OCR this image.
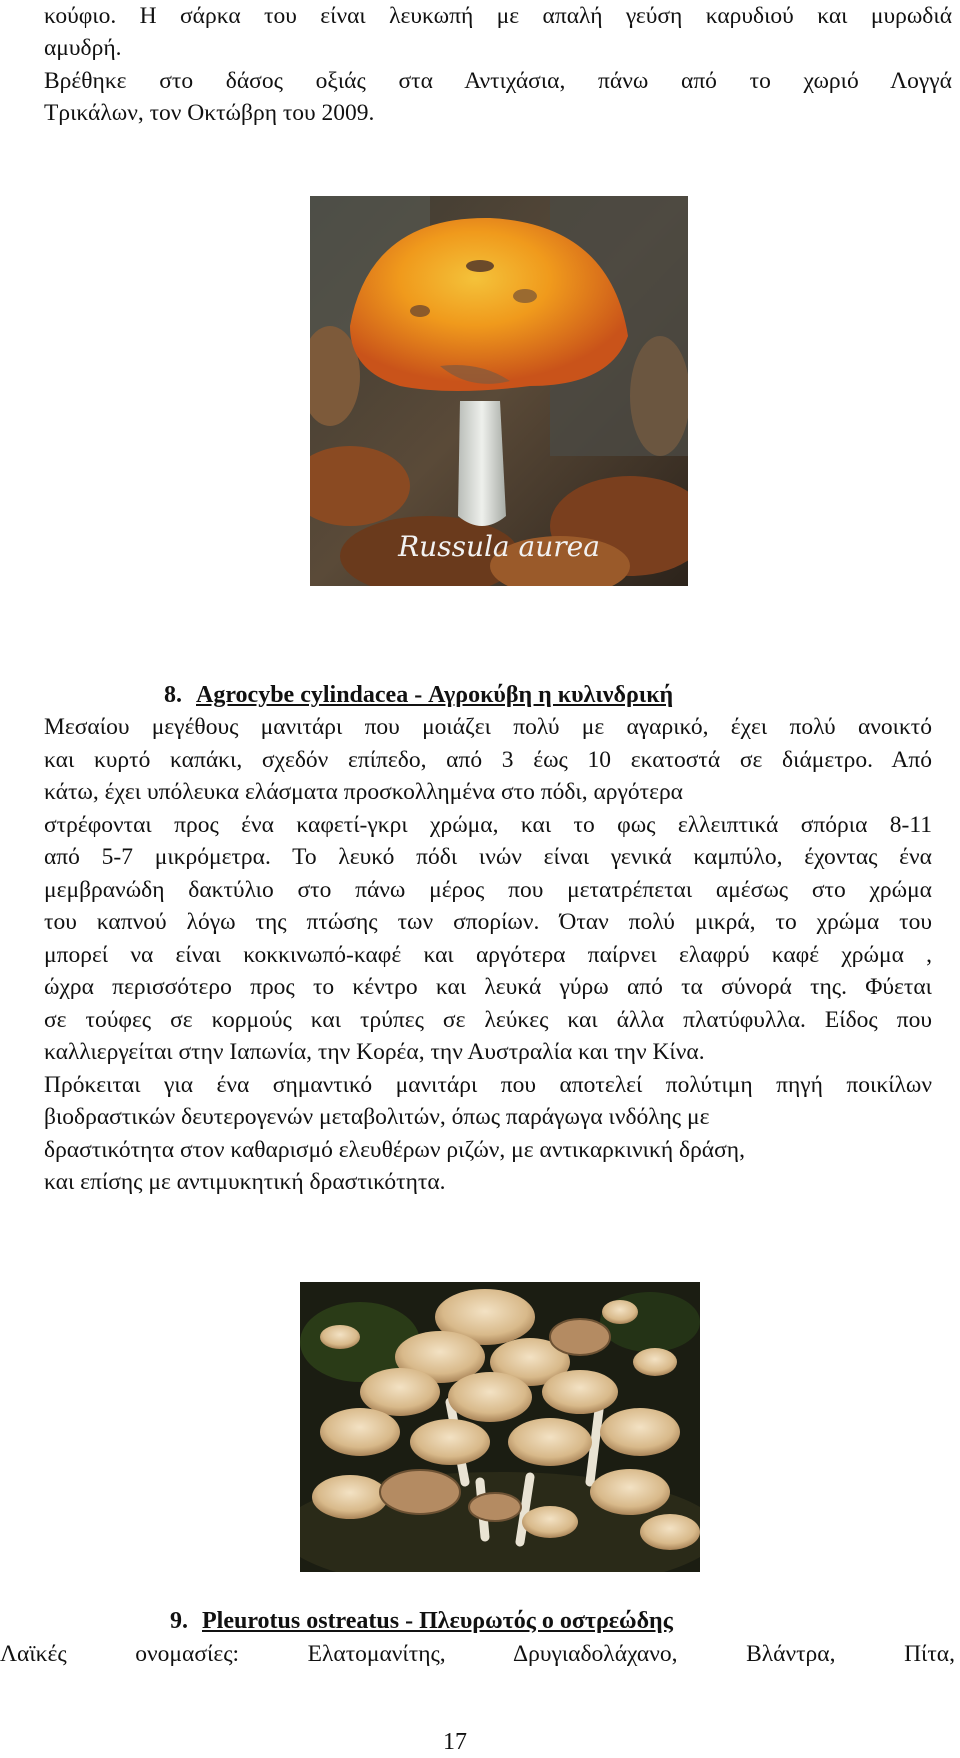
κούφιο. Η σάρκα του είναι λευκωπή με απαλή γεύση καρυδιού και μυρωδιά
αμυδρή.
Βρέθηκε στο δάσος οξιάς στα Αντιχάσια, πάνω από το χωριό Λογγά
Τρικάλων, τον Οκτώβρη του 2009.
Russula aurea
8. Agrocybe cylindacea - Αγροκύβη η κυλινδρική
Μεσαίου μεγέθους μανιτάρι που μοιάζει πολύ με αγαρικό, έχει πολύ ανοικτό
και κυρτό καπάκι, σχεδόν επίπεδο, από 3 έως 10 εκατοστά σε διάμετρο. Από
κάτω, έχει υπόλευκα ελάσματα προσκολλημένα στο πόδι, αργότερα
στρέφονται προς ένα καφετί-γκρι χρώμα, και το φως ελλειπτικά σπόρια 8-11
από 5-7 μικρόμετρα. Το λευκό πόδι ινών είναι γενικά καμπύλο, έχοντας ένα
μεμβρανώδη δακτύλιο στο πάνω μέρος που μετατρέπεται αμέσως στο χρώμα
του καπνού λόγω της πτώσης των σπορίων. Όταν πολύ μικρά, το χρώμα του
μπορεί να είναι κοκκινωπό-καφέ και αργότερα παίρνει ελαφρύ καφέ χρώμα ,
ώχρα περισσότερο προς το κέντρο και λευκά γύρω από τα σύνορά της. Φύεται
σε τούφες σε κορμούς και τρύπες σε λεύκες και άλλα πλατύφυλλα. Είδος που
καλλιεργείται στην Ιαπωνία, την Κορέα, την Αυστραλία και την Κίνα.
Πρόκειται για ένα σημαντικό μανιτάρι που αποτελεί πολύτιμη πηγή ποικίλων
βιοδραστικών δευτερογενών μεταβολιτών, όπως παράγωγα ινδόλης με
δραστικότητα στον καθαρισμό ελευθέρων ριζών, με αντικαρκινική δράση,
και επίσης με αντιμυκητική δραστικότητα.
9. Pleurotus ostreatus - Πλευρωτός ο οστρεώδης
Λαϊκές ονομασίες: Ελατομανίτης, Δρυγιαδολάχανο, Βλάντρα, Πίτα,
17
